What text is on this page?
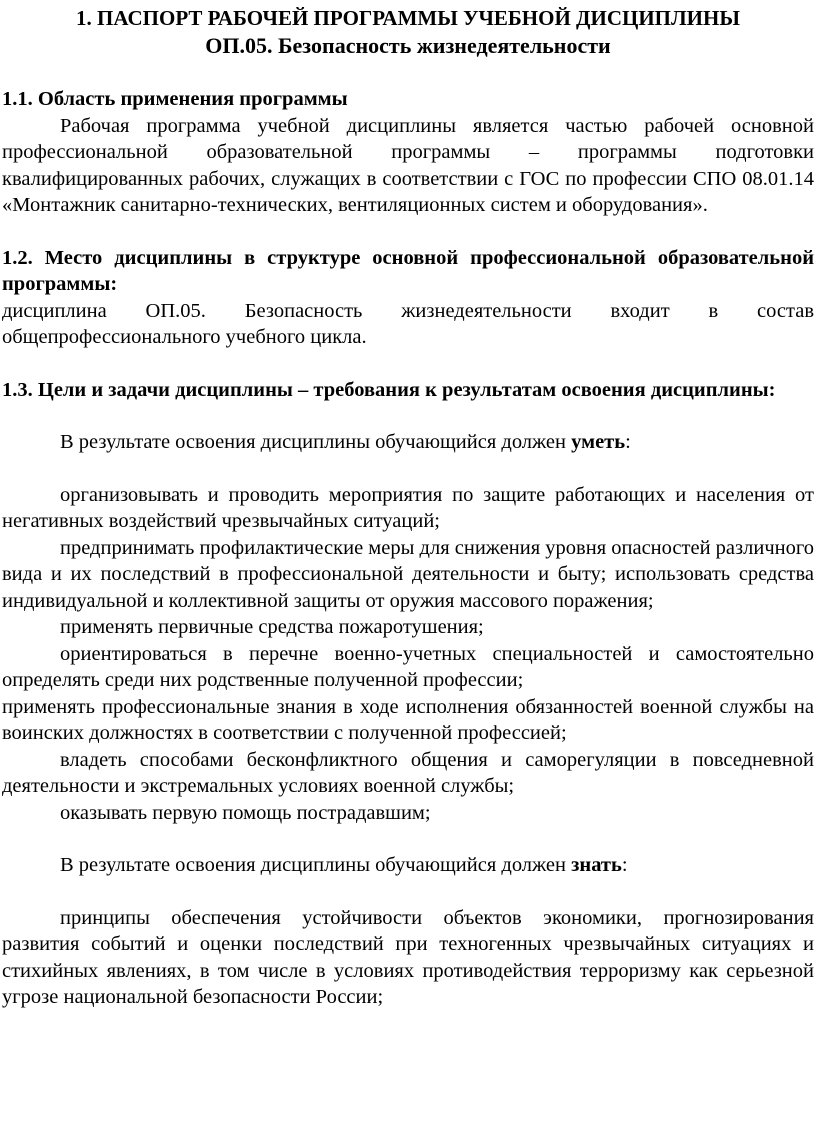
1. ПАСПОРТ РАБОЧЕЙ ПРОГРАММЫ УЧЕБНОЙ ДИСЦИПЛИНЫ

ОП.05. Безопасность жизнедеятельности

1.1. Область применения программы

Рабочая программа учебной дисциплины является частью рабочей основной профессиональной образовательной программы – программы подготовки квалифицированных рабочих, служащих в соответствии с ГОС по профессии СПО 08.01.14 «Монтажник санитарно-технических, вентиляционных систем и оборудования».

1.2. Место дисциплины в структуре основной профессиональной образовательной программы:

дисциплина ОП.05. Безопасность жизнедеятельности входит в состав общепрофессионального учебного цикла.

1.3. Цели и задачи дисциплины – требования к результатам освоения дисциплины:

В результате освоения дисциплины обучающийся должен уметь:

организовывать и проводить мероприятия по защите работающих и населения от негативных воздействий чрезвычайных ситуаций;

предпринимать профилактические меры для снижения уровня опасностей различного вида и их последствий в профессиональной деятельности и быту; использовать средства индивидуальной и коллективной защиты от оружия массового поражения;

применять первичные средства пожаротушения;

ориентироваться в перечне военно-учетных специальностей и самостоятельно определять среди них родственные полученной профессии;

применять профессиональные знания в ходе исполнения обязанностей военной службы на воинских должностях в соответствии с полученной профессией;

владеть способами бесконфликтного общения и саморегуляции в повседневной деятельности и экстремальных условиях военной службы;

оказывать первую помощь пострадавшим;

В результате освоения дисциплины обучающийся должен знать:

принципы обеспечения устойчивости объектов экономики, прогнозирования развития событий и оценки последствий при техногенных чрезвычайных ситуациях и стихийных явлениях, в том числе в условиях противодействия терроризму как серьезной угрозе национальной безопасности России;
